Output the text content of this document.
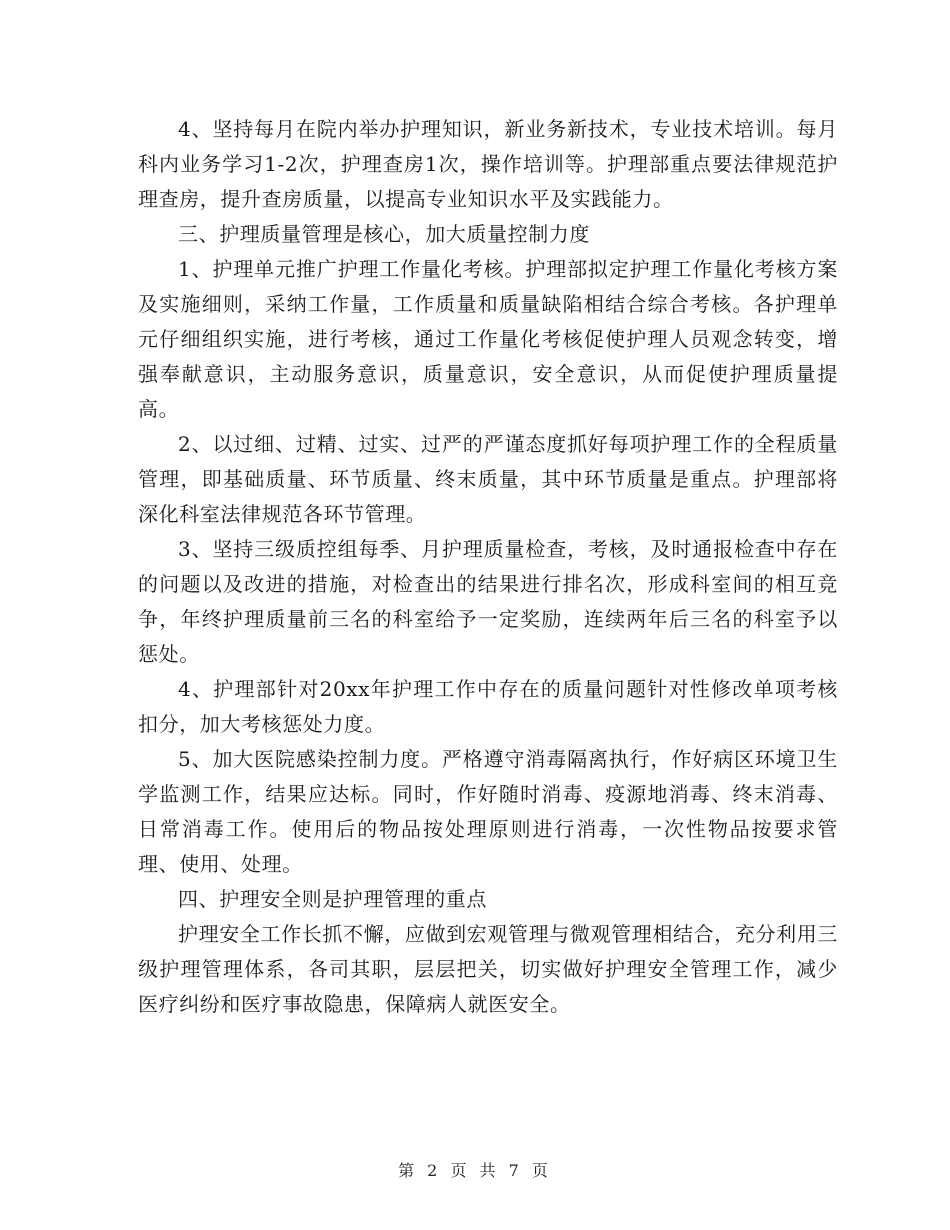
4、坚持每月在院内举办护理知识，新业务新技术，专业技术培训。每月科内业务学习1-2次，护理查房1次，操作培训等。护理部重点要法律规范护理查房，提升查房质量，以提高专业知识水平及实践能力。

三、护理质量管理是核心，加大质量控制力度

1、护理单元推广护理工作量化考核。护理部拟定护理工作量化考核方案及实施细则，采纳工作量，工作质量和质量缺陷相结合综合考核。各护理单元仔细组织实施，进行考核，通过工作量化考核促使护理人员观念转变，增强奉献意识，主动服务意识，质量意识，安全意识，从而促使护理质量提高。

2、以过细、过精、过实、过严的严谨态度抓好每项护理工作的全程质量管理，即基础质量、环节质量、终末质量，其中环节质量是重点。护理部将深化科室法律规范各环节管理。

3、坚持三级质控组每季、月护理质量检查，考核，及时通报检查中存在的问题以及改进的措施，对检查出的结果进行排名次，形成科室间的相互竞争，年终护理质量前三名的科室给予一定奖励，连续两年后三名的科室予以惩处。

4、护理部针对20xx年护理工作中存在的质量问题针对性修改单项考核扣分，加大考核惩处力度。

5、加大医院感染控制力度。严格遵守消毒隔离执行，作好病区环境卫生学监测工作，结果应达标。同时，作好随时消毒、疫源地消毒、终末消毒、日常消毒工作。使用后的物品按处理原则进行消毒，一次性物品按要求管理、使用、处理。

四、护理安全则是护理管理的重点

护理安全工作长抓不懈，应做到宏观管理与微观管理相结合，充分利用三级护理管理体系，各司其职，层层把关，切实做好护理安全管理工作，减少医疗纠纷和医疗事故隐患，保障病人就医安全。

第 2 页 共 7 页
